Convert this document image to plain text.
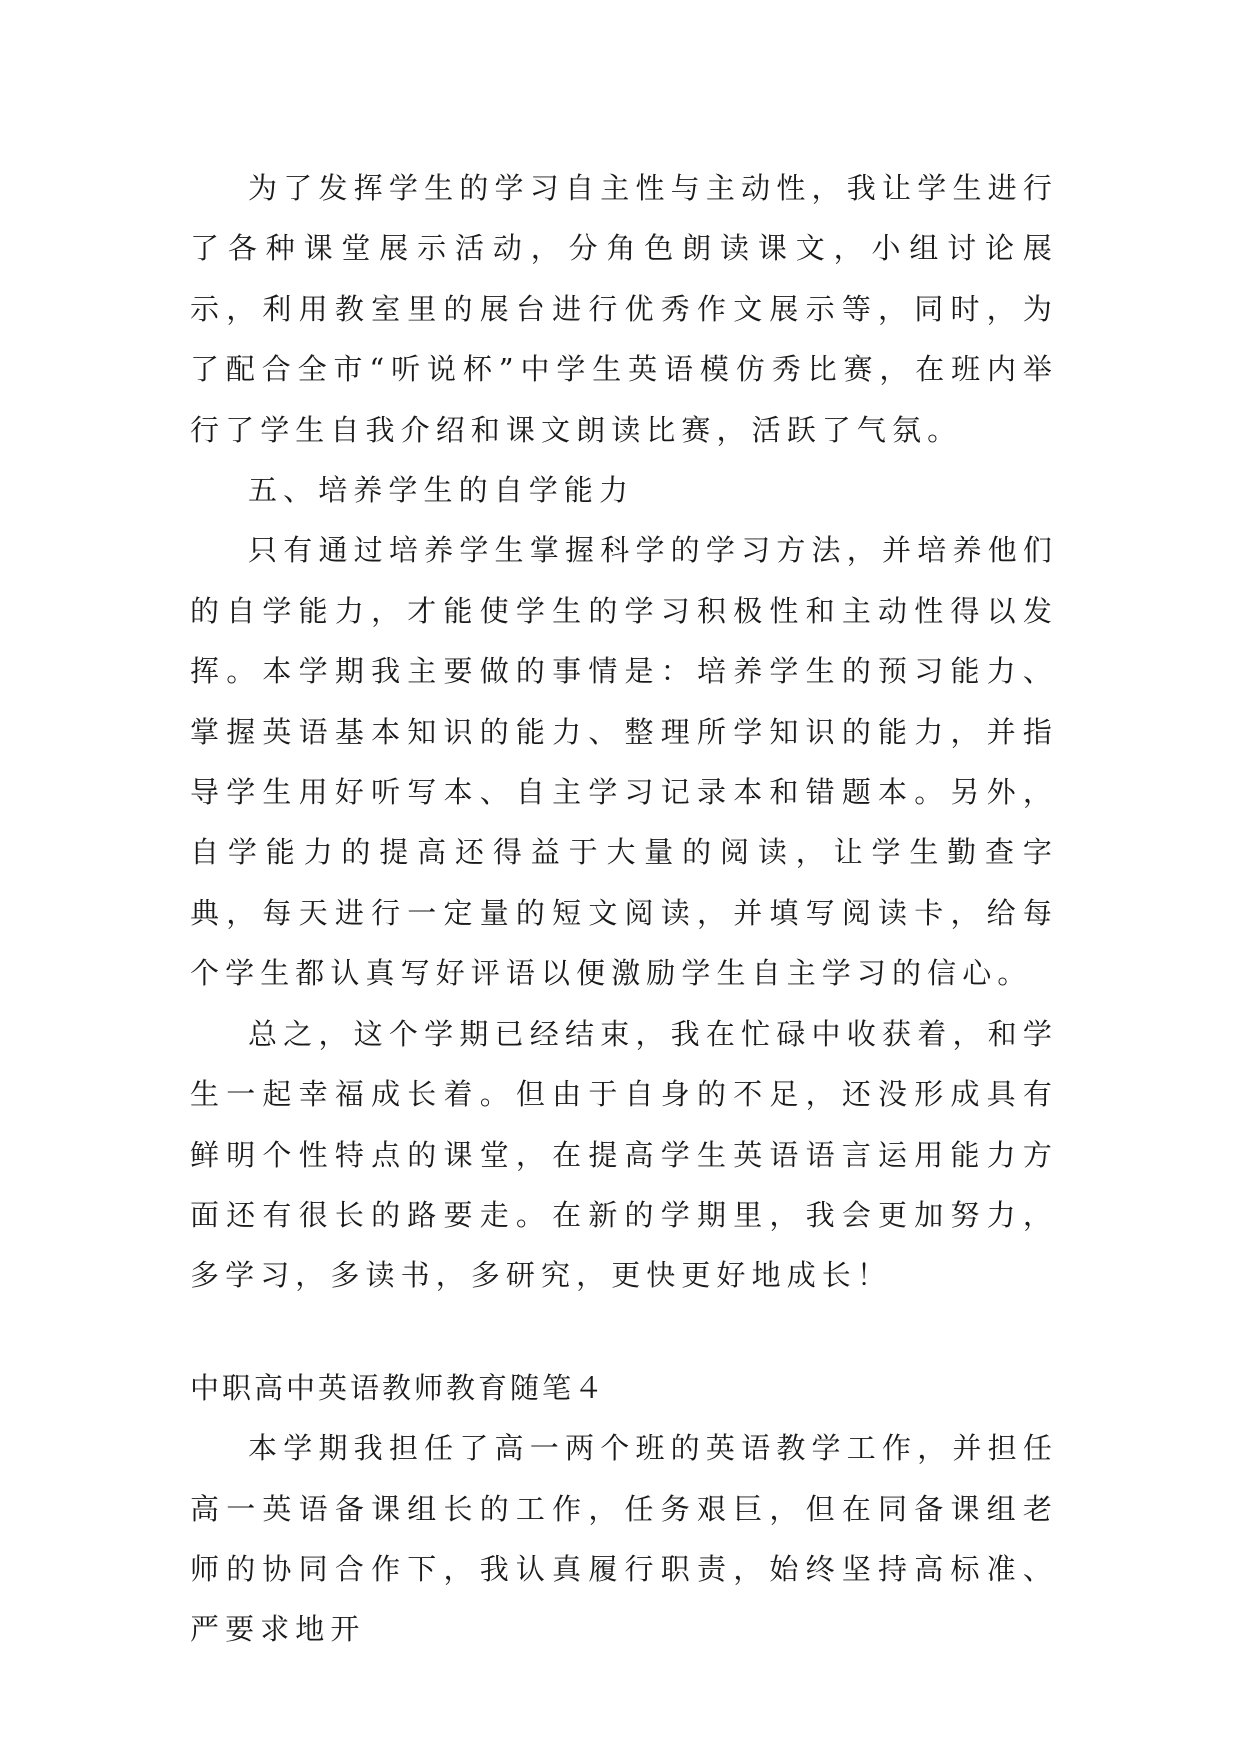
为了发挥学生的学习自主性与主动性，我让学生进行了各种课堂展示活动，分角色朗读课文，小组讨论展示，利用教室里的展台进行优秀作文展示等，同时，为了配合全市“听说杯”中学生英语模仿秀比赛，在班内举行了学生自我介绍和课文朗读比赛，活跃了气氛。

五、培养学生的自学能力

只有通过培养学生掌握科学的学习方法，并培养他们的自学能力，才能使学生的学习积极性和主动性得以发挥。本学期我主要做的事情是：培养学生的预习能力、掌握英语基本知识的能力、整理所学知识的能力，并指导学生用好听写本、自主学习记录本和错题本。另外，自学能力的提高还得益于大量的阅读，让学生勤查字典，每天进行一定量的短文阅读，并填写阅读卡，给每个学生都认真写好评语以便激励学生自主学习的信心。

总之，这个学期已经结束，我在忙碌中收获着，和学生一起幸福成长着。但由于自身的不足，还没形成具有鲜明个性特点的课堂，在提高学生英语语言运用能力方面还有很长的路要走。在新的学期里，我会更加努力，多学习，多读书，多研究，更快更好地成长！

中职高中英语教师教育随笔４

本学期我担任了高一两个班的英语教学工作，并担任高一英语备课组长的工作，任务艰巨，但在同备课组老师的协同合作下，我认真履行职责，始终坚持高标准、严要求地开
